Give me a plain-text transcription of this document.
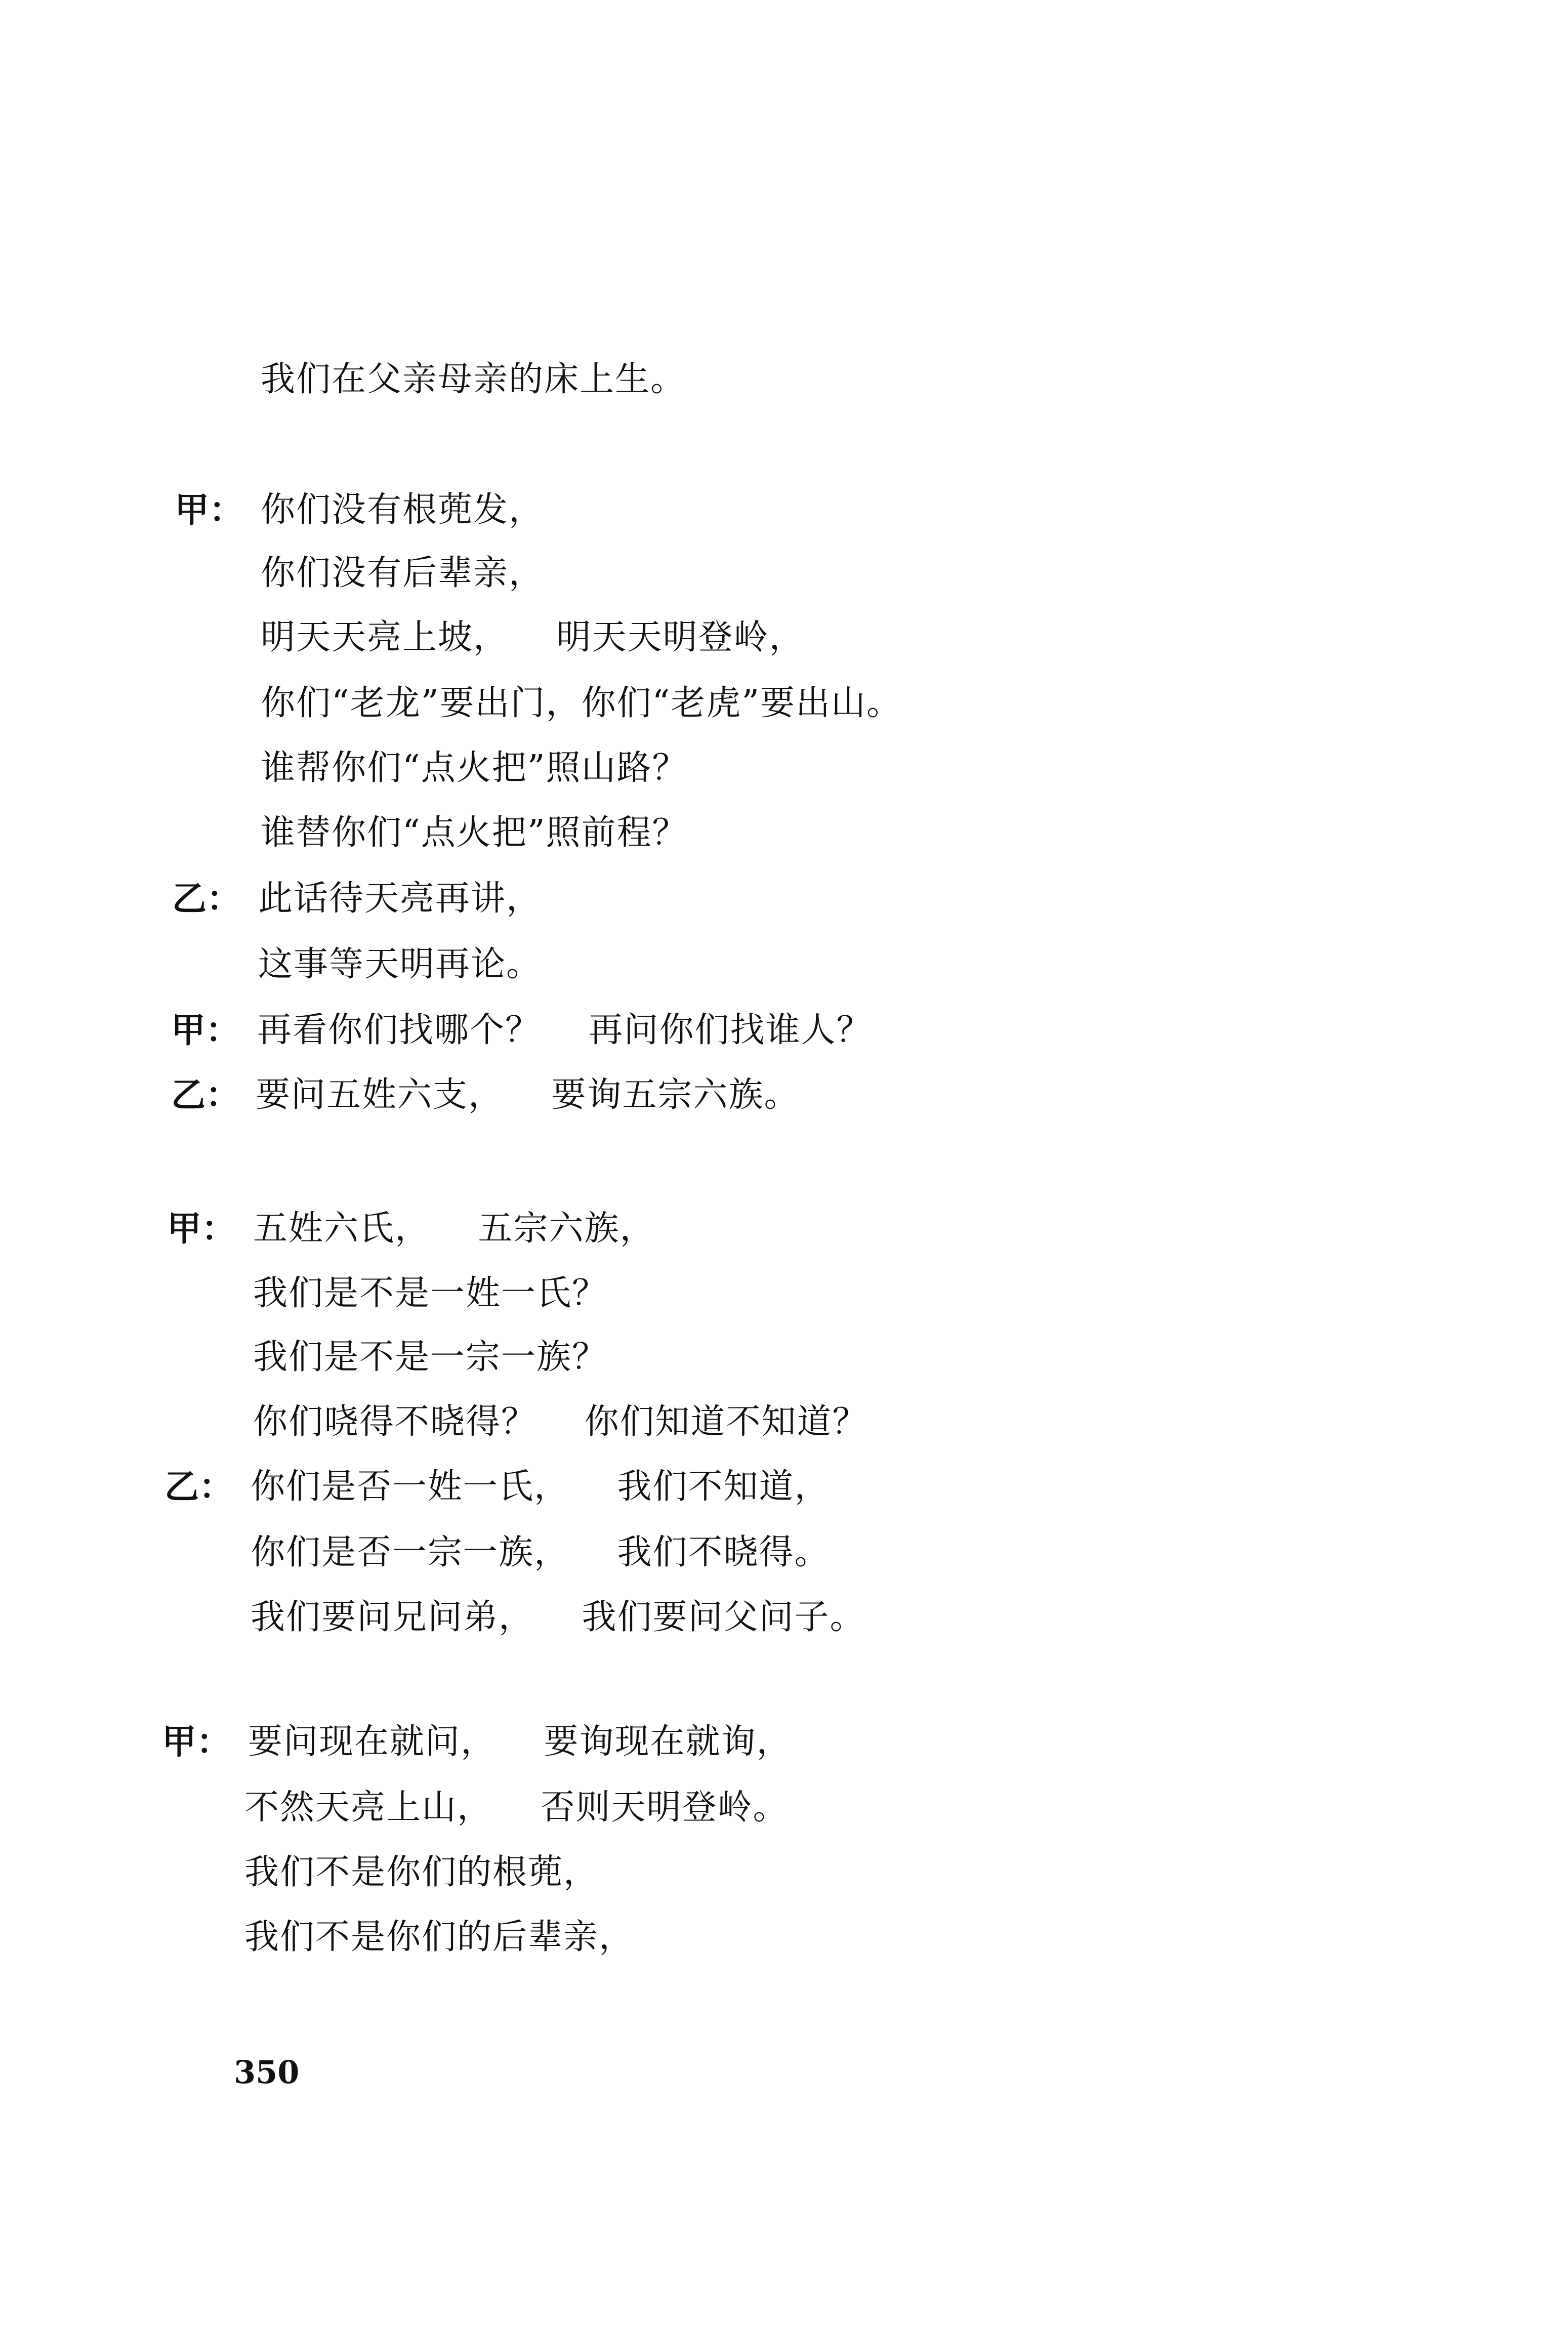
我们在父亲母亲的床上生。
甲： 你们没有根蔸发，
你们没有后辈亲，
明天天亮上坡，    明天天明登岭，
你们“老龙”要出门，你们“老虎”要出山。
谁帮你们“点火把”照山路？
谁替你们“点火把”照前程？
乙： 此话待天亮再讲，
这事等天明再论。
甲： 再看你们找哪个？    再问你们找谁人？
乙： 要问五姓六支，    要询五宗六族。
甲： 五姓六氏，    五宗六族，
我们是不是一姓一氏？
我们是不是一宗一族？
你们哓得不晓得？    你们知道不知道？
乙： 你们是否一姓一氏，    我们不知道，
你们是否一宗一族，    我们不晓得。
我们要问兄问弟，    我们要问父问子。
甲： 要问现在就问，    要询现在就询，
不然天亮上山，    否则天明登岭。
我们不是你们的根蔸，
我们不是你们的后辈亲，
350
